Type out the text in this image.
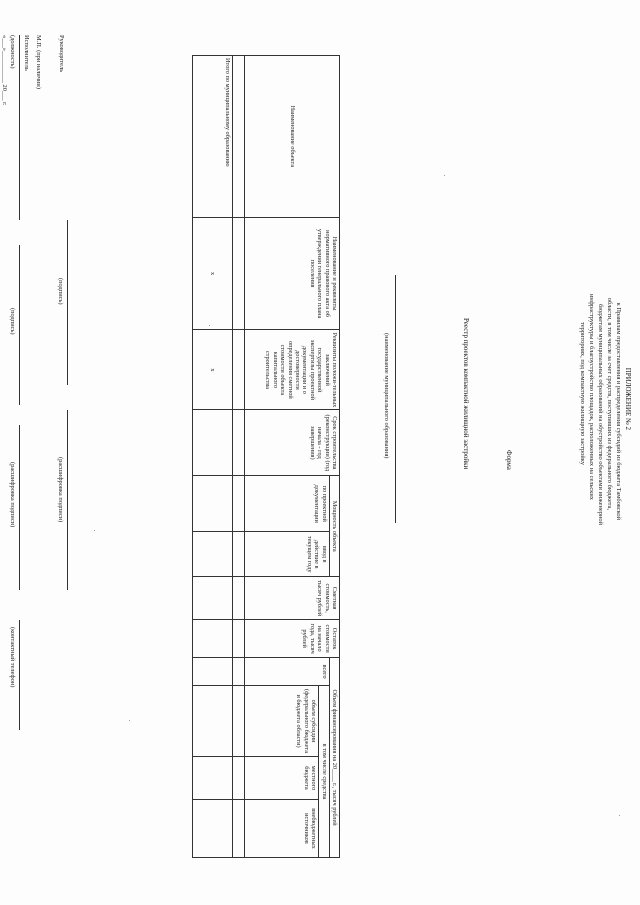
ПРИЛОЖЕНИЕ № 2
к Правилам предоставления и распределения субсидий из бюджета Тамбовской
области, в том числе за счет средств, поступивших из федерального бюджета,
бюджетам муниципальных образований на обустройство объектами инженерной
инфраструктуры и благоустройство площадок, расположенных на сельских
территориях, под компактную жилищную застройку
Форма
Реестр проектов компактной жилищной застройки
(наименование муниципального образования)
Наименование объекта	Наименование и реквизиты нормативного правового акта об утверждении генерального плана поселения	Реквизиты положи-тельных заключений государственной экспертизы проектной документации и о достоверности определения сметной стоимости объекта капитального строительства	Срок строительства (реконструкции) (год начала - год завершения)	Мощность объекта		Сметная стоимость, тысяч рублей	Остаток стоимости на начало года, тысяч рублей	Объем финансирования на 20____ г., тысяч рублей			
				по проектной документации	ввод в действие в текущем году			всего	в том числе средства		
									объем субсидии (федерального бюджета и бюджета области)	местного бюджета	внебюджетных источников

Итого по муниципальному образованию	х	х									
Руководитель
(подпись)
(расшифровка подписи)
М.П. (при наличии)
Исполнитель
(должность)
(подпись)
(расшифровка подписи)
(контактный телефон)
«___»__________ 20___ г.
